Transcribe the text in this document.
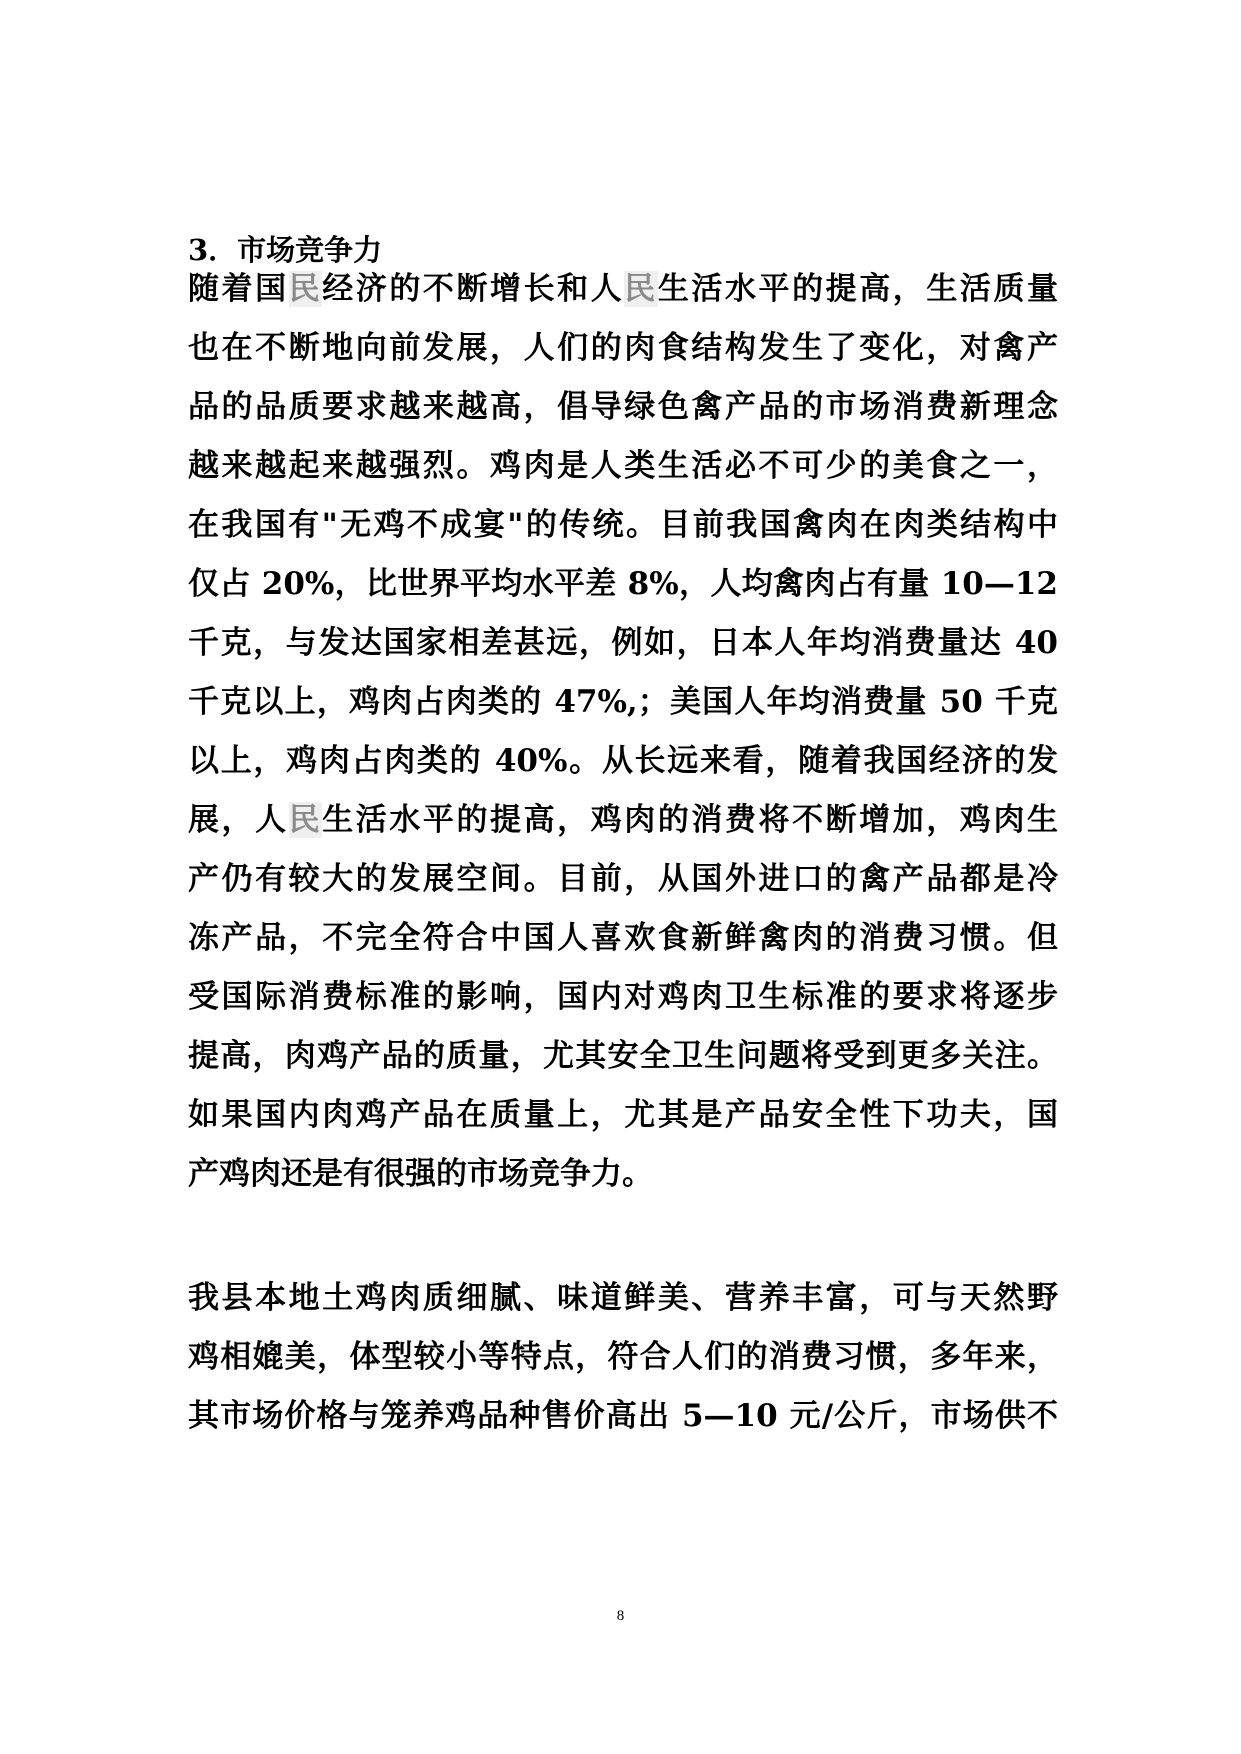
3．市场竞争力
随着国民经济的不断增长和人民生活水平的提高，生活质量
也在不断地向前发展，人们的肉食结构发生了变化，对禽产
品的品质要求越来越高，倡导绿色禽产品的市场消费新理念
越来越起来越强烈。鸡肉是人类生活必不可少的美食之一，
在我国有"无鸡不成宴"的传统。目前我国禽肉在肉类结构中
仅占 20%，比世界平均水平差 8%，人均禽肉占有量 10—12
千克，与发达国家相差甚远，例如，日本人年均消费量达 40
千克以上，鸡肉占肉类的 47%,；美国人年均消费量 50 千克
以上，鸡肉占肉类的 40%。从长远来看，随着我国经济的发
展，人民生活水平的提高，鸡肉的消费将不断增加，鸡肉生
产仍有较大的发展空间。目前，从国外进口的禽产品都是冷
冻产品，不完全符合中国人喜欢食新鲜禽肉的消费习惯。但
受国际消费标准的影响，国内对鸡肉卫生标准的要求将逐步
提高，肉鸡产品的质量，尤其安全卫生问题将受到更多关注。
如果国内肉鸡产品在质量上，尤其是产品安全性下功夫，国
产鸡肉还是有很强的市场竞争力。
我县本地土鸡肉质细腻、味道鲜美、营养丰富，可与天然野
鸡相媲美，体型较小等特点，符合人们的消费习惯，多年来，
其市场价格与笼养鸡品种售价高出 5—10 元/公斤，市场供不
8
